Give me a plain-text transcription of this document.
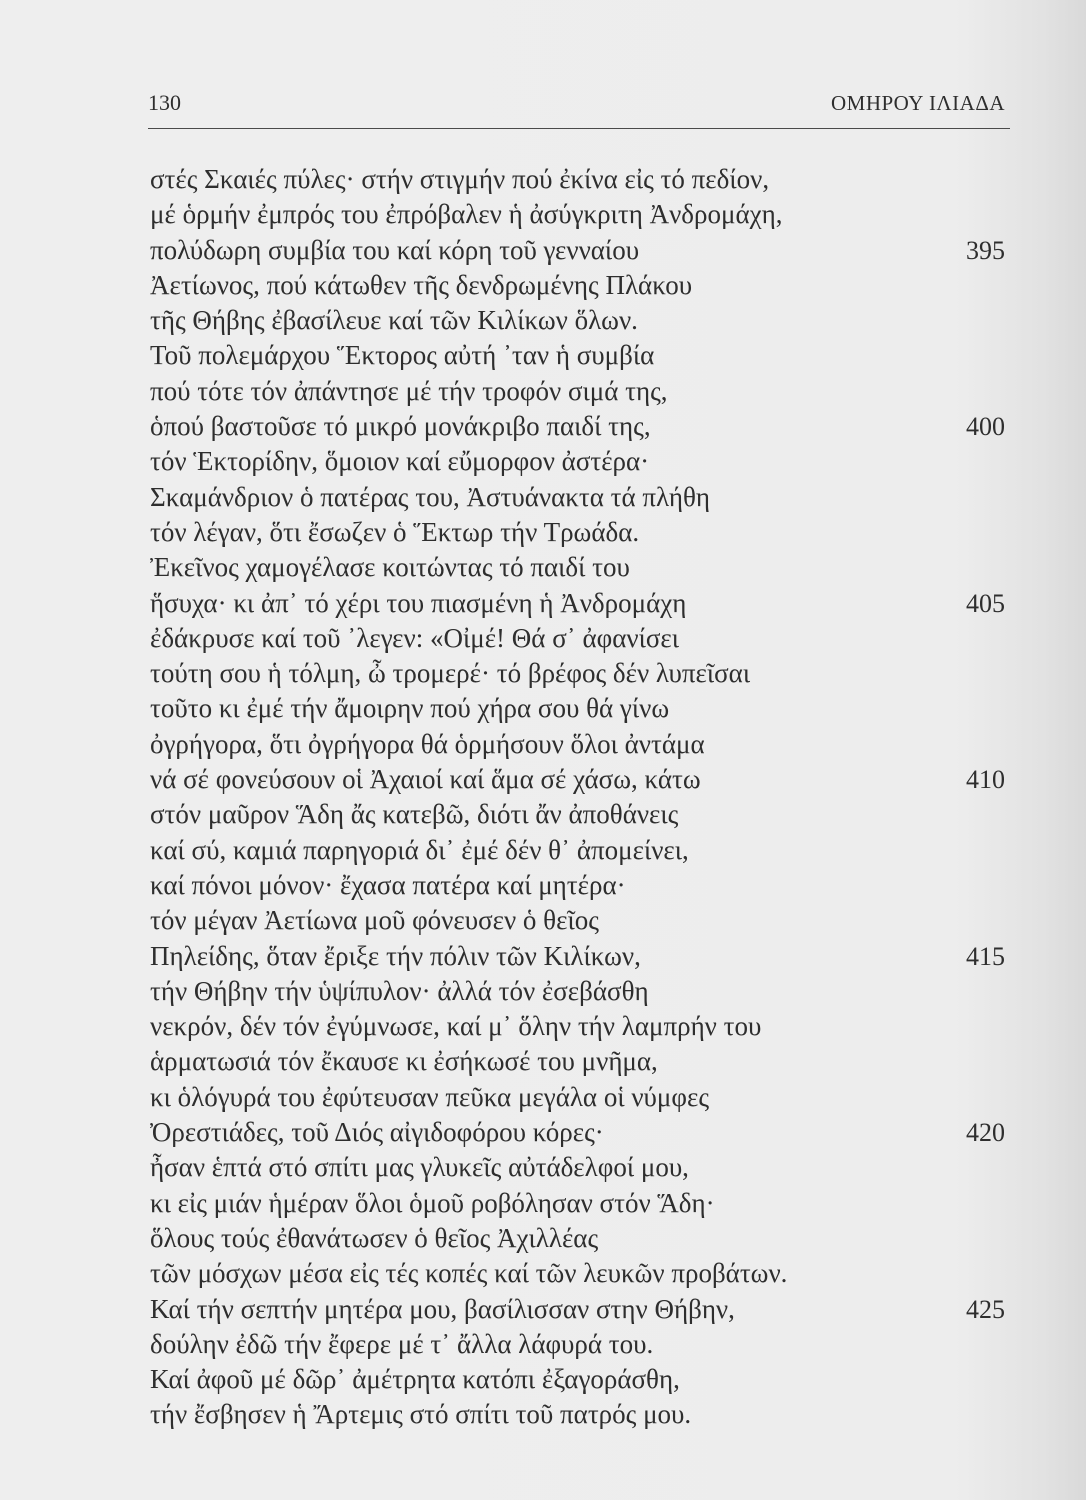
130	ΟΜΗΡΟΥ ΙΛΙΑΔΑ
στές Σκαιές πύλες· στήν στιγμήν πού ἐκίνα εἰς τό πεδίον,
μέ ὁρμήν ἐμπρός του ἐπρόβαλεν ἡ ἀσύγκριτη Ἀνδρομάχη,
πολύδωρη συμβία του καί κόρη τοῦ γενναίου	395
Ἀετίωνος, πού κάτωθεν τῆς δενδρωμένης Πλάκου
τῆς Θήβης ἐβασίλευε καί τῶν Κιλίκων ὅλων.
Τοῦ πολεμάρχου Ἕκτορος αὐτή ᾽ταν ἡ συμβία
πού τότε τόν ἀπάντησε μέ τήν τροφόν σιμά της,
ὁπού βαστοῦσε τό μικρό μονάκριβο παιδί της,	400
τόν Ἑκτορίδην, ὅμοιον καί εὔμορφον ἀστέρα·
Σκαμάνδριον ὁ πατέρας του, Ἀστυάνακτα τά πλήθη
τόν λέγαν, ὅτι ἔσωζεν ὁ Ἕκτωρ τήν Τρωάδα.
Ἐκεῖνος χαμογέλασε κοιτώντας τό παιδί του
ἥσυχα· κι ἀπ᾽ τό χέρι του πιασμένη ἡ Ἀνδρομάχη	405
ἐδάκρυσε καί τοῦ ᾽λεγεν: «Οἰμέ! Θά σ᾽ ἀφανίσει
τούτη σου ἡ τόλμη, ὦ τρομερέ· τό βρέφος δέν λυπεῖσαι
τοῦτο κι ἐμέ τήν ἄμοιρην πού χήρα σου θά γίνω
ὀγρήγορα, ὅτι ὀγρήγορα θά ὁρμήσουν ὅλοι ἀντάμα
νά σέ φονεύσουν οἱ Ἀχαιοί καί ἅμα σέ χάσω, κάτω	410
στόν μαῦρον Ἅδη ἄς κατεβῶ, διότι ἄν ἀποθάνεις
καί σύ, καμιά παρηγοριά δι᾽ ἐμέ δέν θ᾽ ἀπομείνει,
καί πόνοι μόνον· ἔχασα πατέρα καί μητέρα·
τόν μέγαν Ἀετίωνα μοῦ φόνευσεν ὁ θεῖος
Πηλείδης, ὅταν ἔριξε τήν πόλιν τῶν Κιλίκων,	415
τήν Θήβην τήν ὑψίπυλον· ἀλλά τόν ἐσεβάσθη
νεκρόν, δέν τόν ἐγύμνωσε, καί μ᾽ ὅλην τήν λαμπρήν του
ἁρματωσιά τόν ἔκαυσε κι ἐσήκωσέ του μνῆμα,
κι ὁλόγυρά του ἐφύτευσαν πεῦκα μεγάλα οἱ νύμφες
Ὀρεστιάδες, τοῦ Διός αἰγιδοφόρου κόρες·	420
ἦσαν ἑπτά στό σπίτι μας γλυκεῖς αὐτάδελφοί μου,
κι εἰς μιάν ἡμέραν ὅλοι ὁμοῦ ροβόλησαν στόν Ἅδη·
ὅλους τούς ἐθανάτωσεν ὁ θεῖος Ἀχιλλέας
τῶν μόσχων μέσα εἰς τές κοπές καί τῶν λευκῶν προβάτων.
Καί τήν σεπτήν μητέρα μου, βασίλισσαν στην Θήβην,	425
δούλην ἐδῶ τήν ἔφερε μέ τ᾽ ἄλλα λάφυρά του.
Καί ἀφοῦ μέ δῶρ᾽ ἀμέτρητα κατόπι ἐξαγοράσθη,
τήν ἔσβησεν ἡ Ἄρτεμις στό σπίτι τοῦ πατρός μου.
